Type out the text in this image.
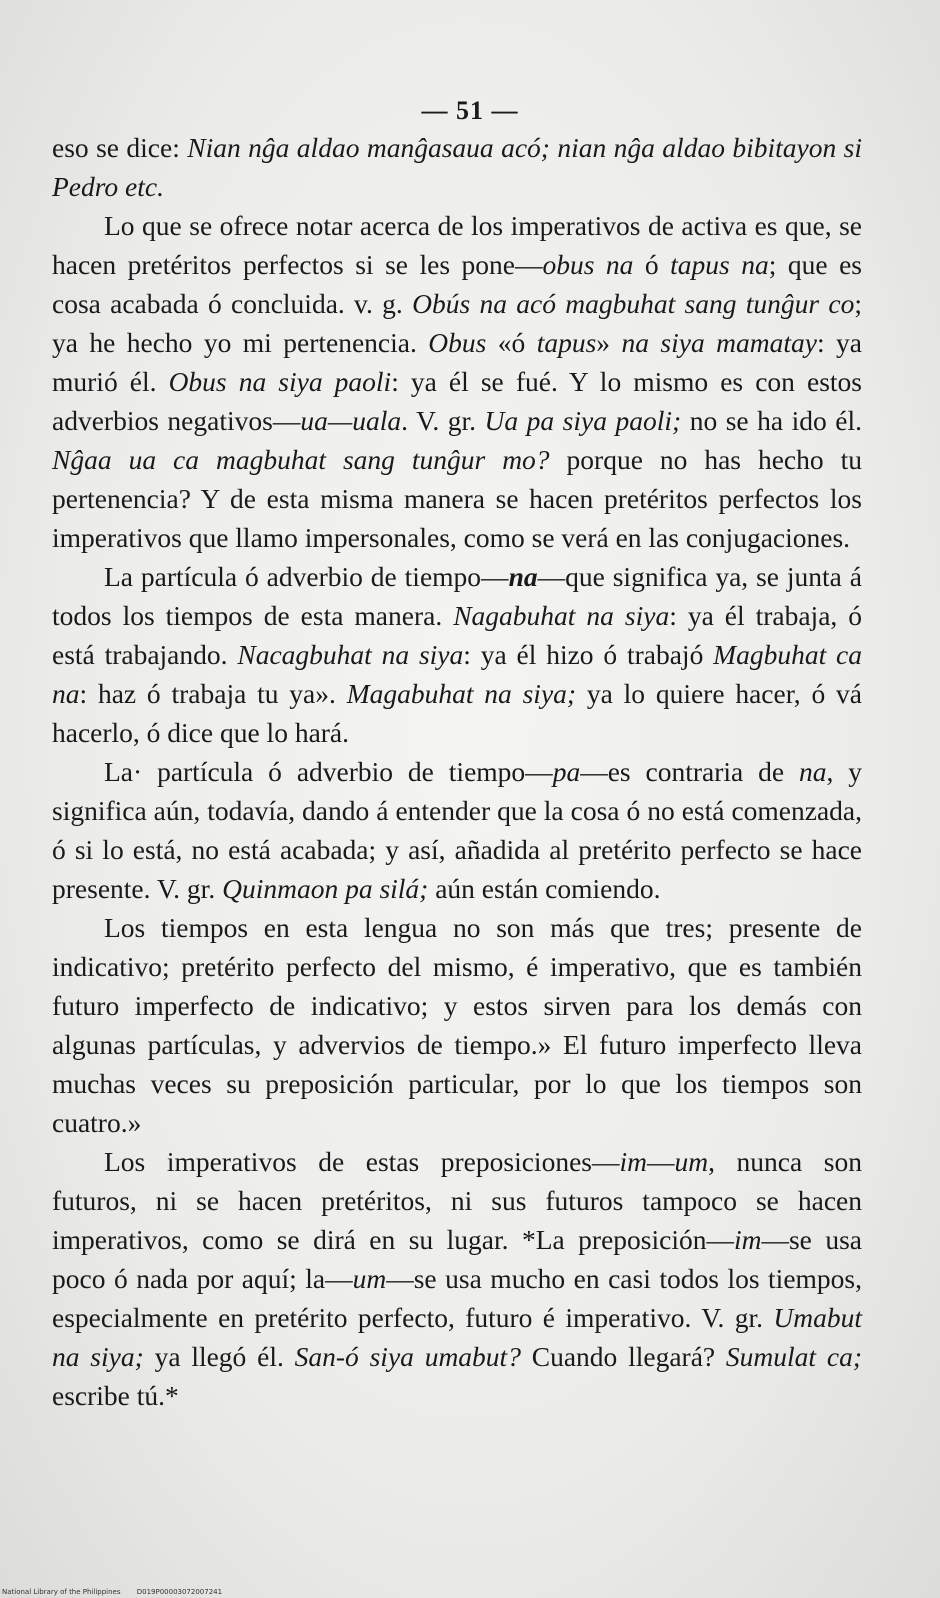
— 51 —

eso se dice: Nian nĝa aldao manĝasaua acó; nian nĝa aldao bibitayon si Pedro etc.

Lo que se ofrece notar acerca de los imperativos de activa es que, se hacen pretéritos perfectos si se les pone—obus na ó tapus na; que es cosa acabada ó concluida. v. g. Obús na acó magbuhat sang tunĝur co; ya he hecho yo mi pertenencia. Obus «ó tapus» na siya mamatay: ya murió él. Obus na siya paoli: ya él se fué. Y lo mismo es con estos adverbios negativos—ua—uala. V. gr. Ua pa siya paoli; no se ha ido él. Nĝaa ua ca magbuhat sang tunĝur mo? porque no has hecho tu pertenencia? Y de esta misma manera se hacen pretéritos perfectos los imperativos que llamo impersonales, como se verá en las conjugaciones.

La partícula ó adverbio de tiempo—na—que significa ya, se junta á todos los tiempos de esta manera. Nagabuhat na siya: ya él trabaja, ó está trabajando. Nacagbuhat na siya: ya él hizo ó trabajó Magbuhat ca na: haz ó trabaja tu ya». Magabuhat na siya; ya lo quiere hacer, ó vá hacerlo, ó dice que lo hará.

La· partícula ó adverbio de tiempo—pa—es contraria de na, y significa aún, todavía, dando á entender que la cosa ó no está comenzada, ó si lo está, no está acabada; y así, añadida al pretérito perfecto se hace presente. V. gr. Quinmaon pa silá; aún están comiendo.

Los tiempos en esta lengua no son más que tres; presente de indicativo; pretérito perfecto del mismo, é imperativo, que es también futuro imperfecto de indicativo; y estos sirven para los demás con algunas partículas, y advervios de tiempo.» El futuro imperfecto lleva muchas veces su preposición particular, por lo que los tiempos son cuatro.»

Los imperativos de estas preposiciones—im—um, nunca son futuros, ni se hacen pretéritos, ni sus futuros tampoco se hacen imperativos, como se dirá en su lugar. *La preposición—im—se usa poco ó nada por aquí; la—um—se usa mucho en casi todos los tiempos, especialmente en pretérito perfecto, futuro é imperativo. V. gr. Umabut na siya; ya llegó él. San-ó siya umabut? Cuando llegará? Sumulat ca; escribe tú.*

National Library of the Philippines D019P00003072007241
